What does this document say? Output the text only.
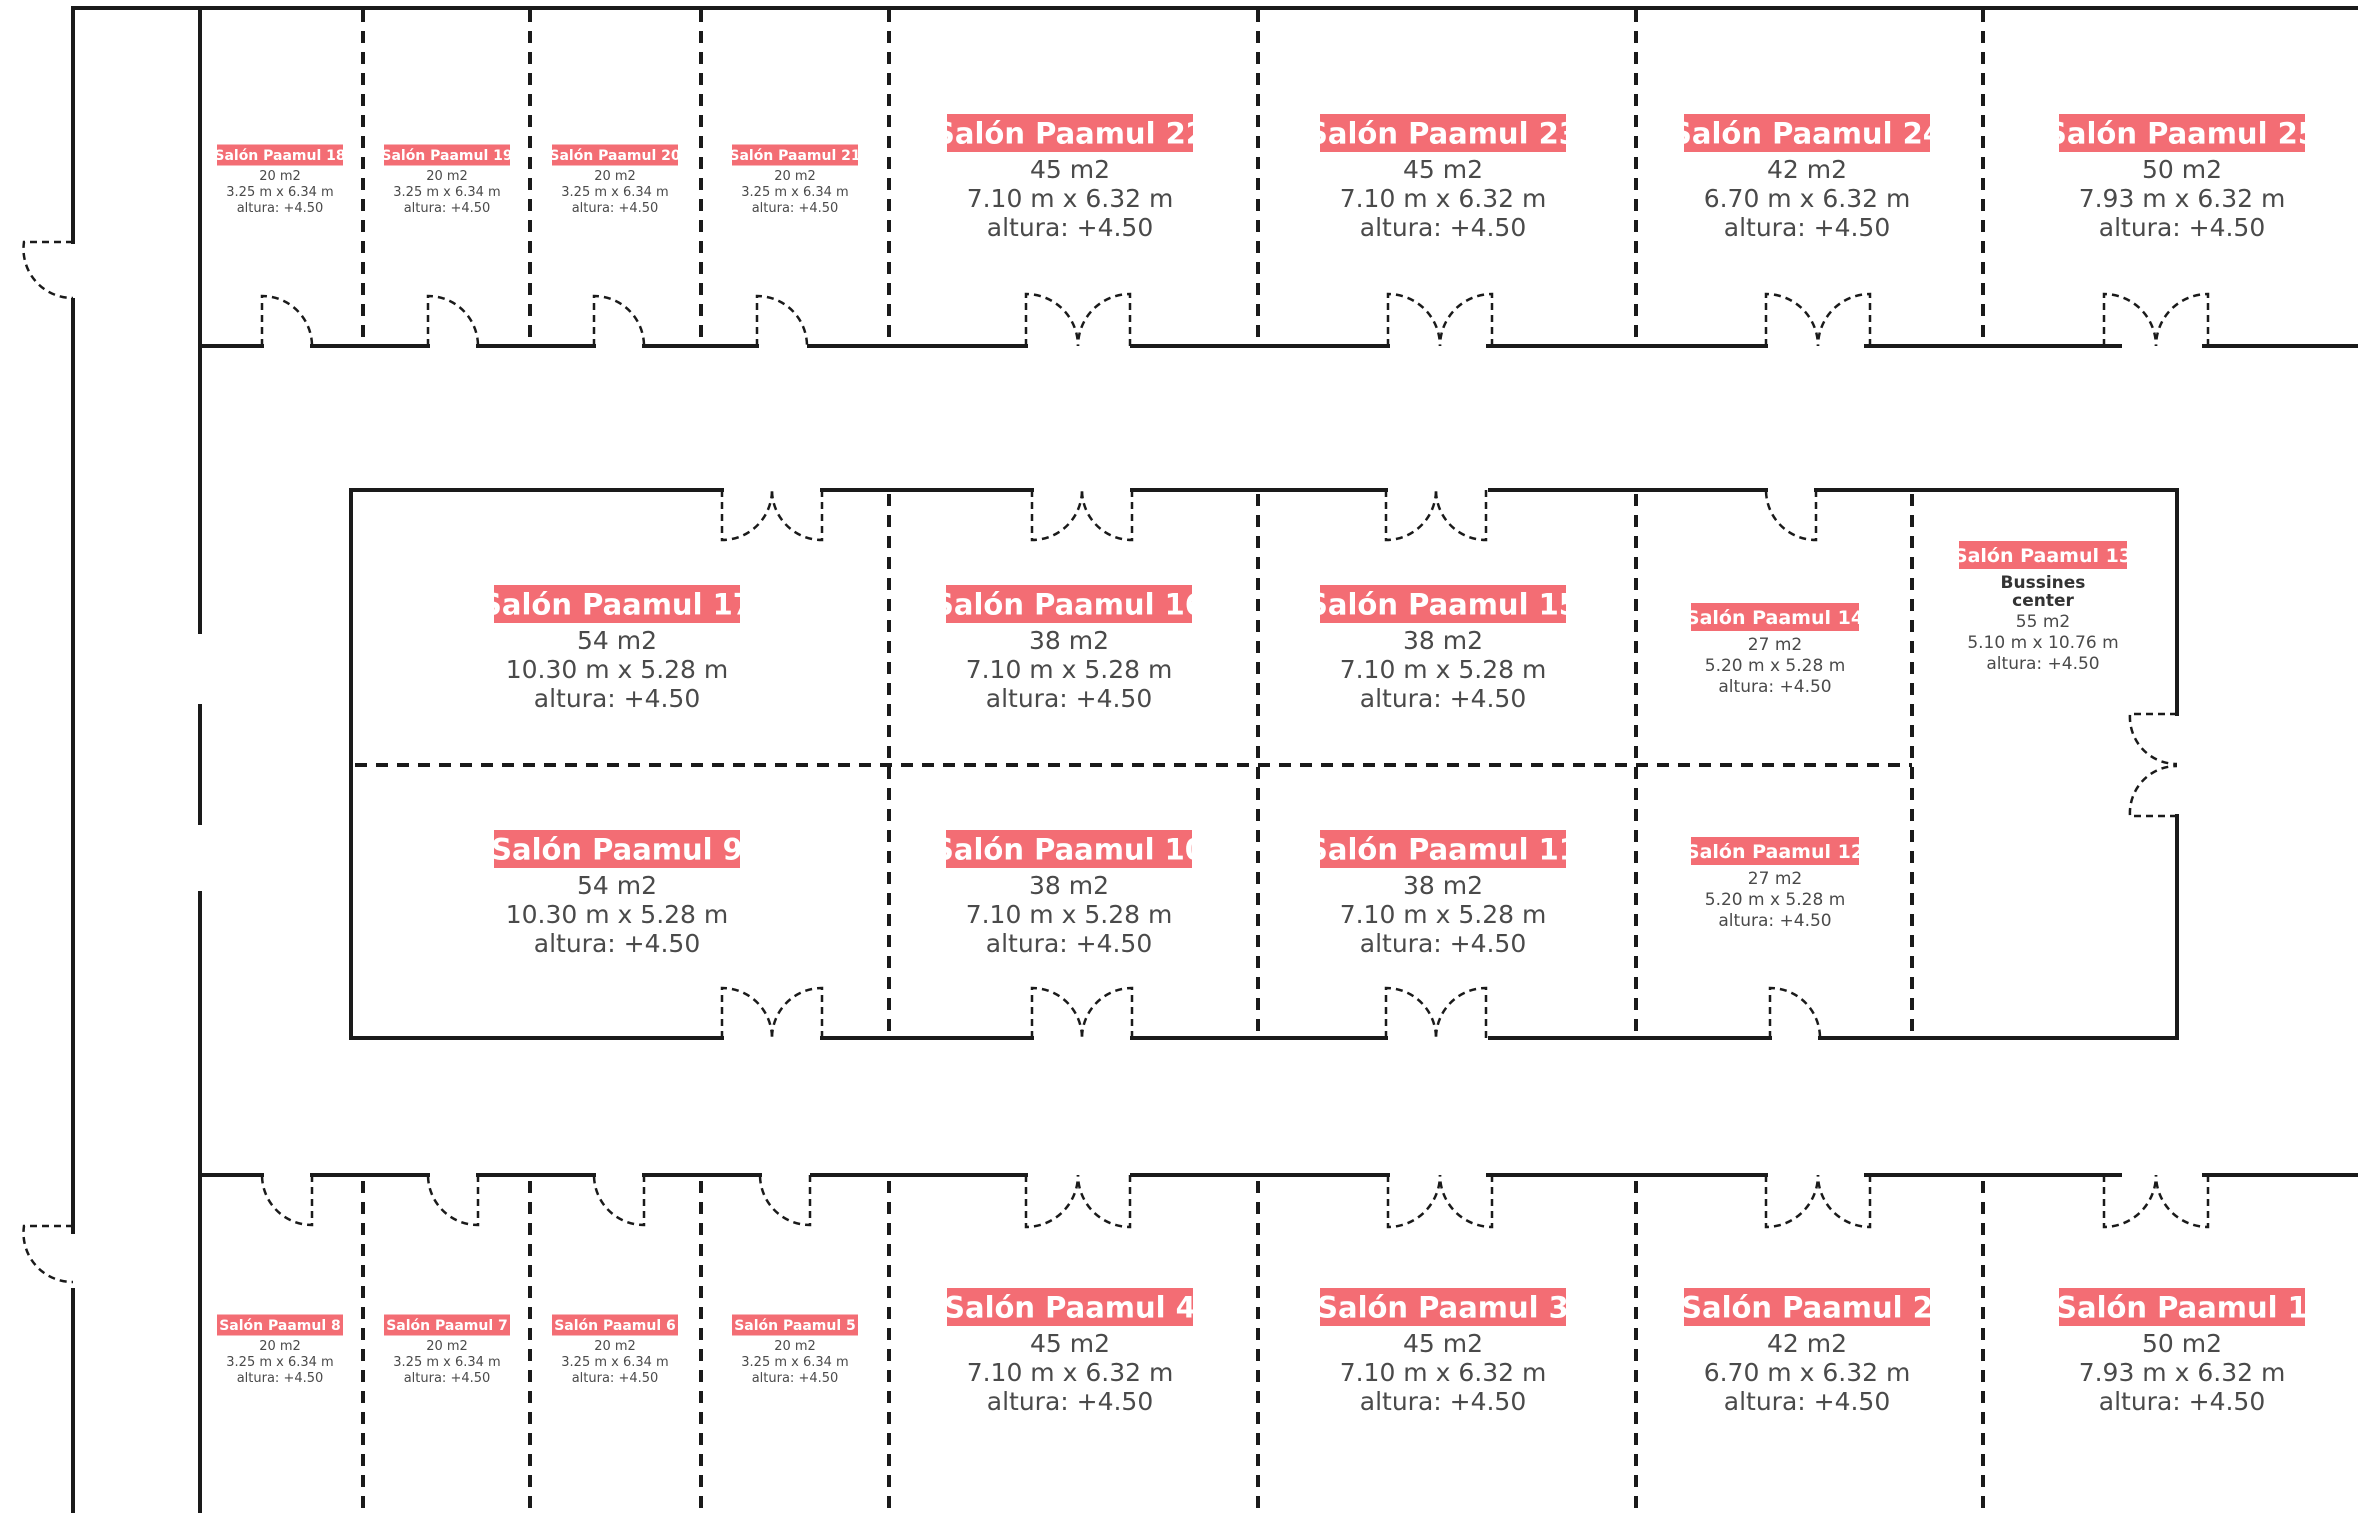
Salón Paamul 18
20 m2
3.25 m x 6.34 m
altura: +4.50
Salón Paamul 19
20 m2
3.25 m x 6.34 m
altura: +4.50
Salón Paamul 20
20 m2
3.25 m x 6.34 m
altura: +4.50
Salón Paamul 21
20 m2
3.25 m x 6.34 m
altura: +4.50
Salón Paamul 22
45 m2
7.10 m x 6.32 m
altura: +4.50
Salón Paamul 23
45 m2
7.10 m x 6.32 m
altura: +4.50
Salón Paamul 24
42 m2
6.70 m x 6.32 m
altura: +4.50
Salón Paamul 25
50 m2
7.93 m x 6.32 m
altura: +4.50
Salón Paamul 17
54 m2
10.30 m x 5.28 m
altura: +4.50
Salón Paamul 16
38 m2
7.10 m x 5.28 m
altura: +4.50
Salón Paamul 15
38 m2
7.10 m x 5.28 m
altura: +4.50
Salón Paamul 14
27 m2
5.20 m x 5.28 m
altura: +4.50
Salón Paamul 13
Bussines
center
55 m2
5.10 m x 10.76 m
altura: +4.50
Salón Paamul 9
54 m2
10.30 m x 5.28 m
altura: +4.50
Salón Paamul 10
38 m2
7.10 m x 5.28 m
altura: +4.50
Salón Paamul 11
38 m2
7.10 m x 5.28 m
altura: +4.50
Salón Paamul 12
27 m2
5.20 m x 5.28 m
altura: +4.50
Salón Paamul 8
20 m2
3.25 m x 6.34 m
altura: +4.50
Salón Paamul 7
20 m2
3.25 m x 6.34 m
altura: +4.50
Salón Paamul 6
20 m2
3.25 m x 6.34 m
altura: +4.50
Salón Paamul 5
20 m2
3.25 m x 6.34 m
altura: +4.50
Salón Paamul 4
45 m2
7.10 m x 6.32 m
altura: +4.50
Salón Paamul 3
45 m2
7.10 m x 6.32 m
altura: +4.50
Salón Paamul 2
42 m2
6.70 m x 6.32 m
altura: +4.50
Salón Paamul 1
50 m2
7.93 m x 6.32 m
altura: +4.50
